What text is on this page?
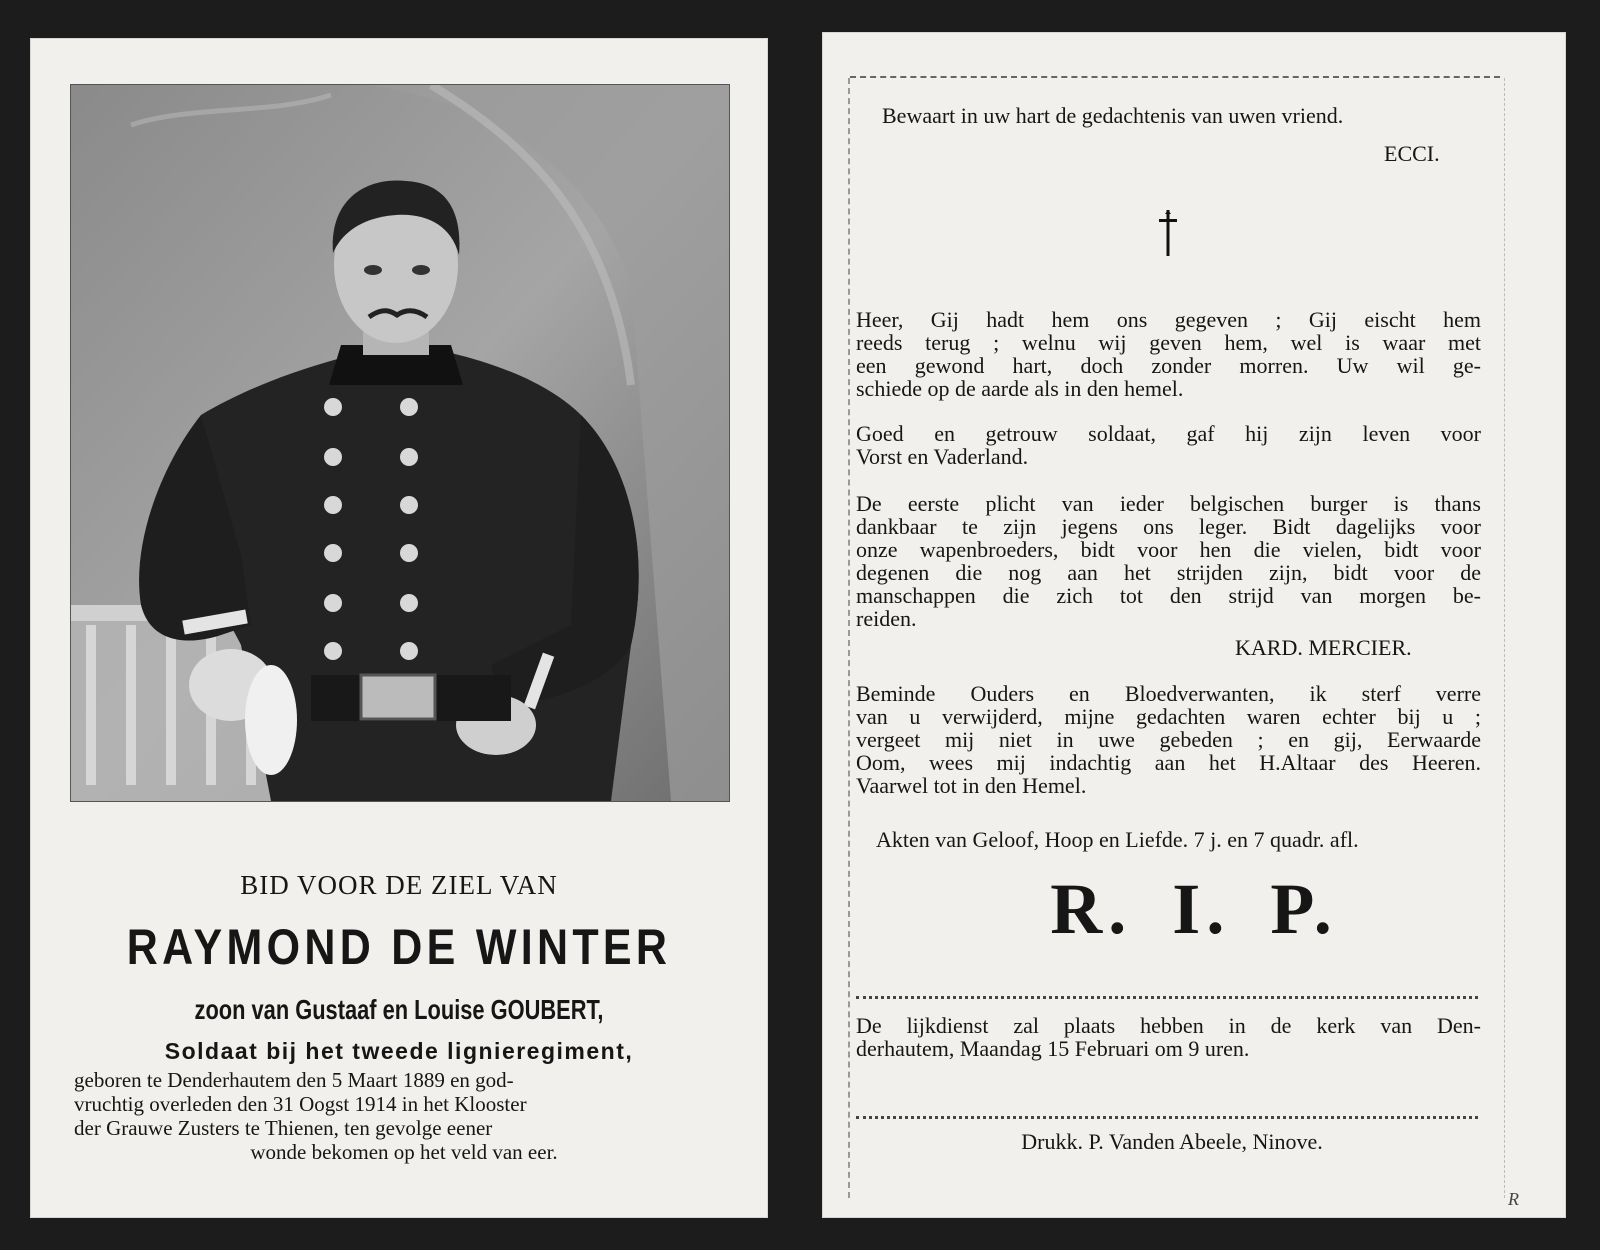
BID VOOR DE ZIEL VAN
RAYMOND DE WINTER
zoon van Gustaaf en Louise GOUBERT,
Soldaat bij het tweede lignieregiment,
geboren te Denderhautem den 5 Maart 1889 en god-
vruchtig overleden den 31 Oogst 1914 in het Klooster
der Grauwe Zusters te Thienen, ten gevolge eener
wonde bekomen op het veld van eer.
Bewaart in uw hart de gedachtenis van uwen vriend.
ECCI.
Heer, Gij hadt hem ons gegeven ; Gij eischt hem
reeds terug ; welnu wij geven hem, wel is waar met
een gewond hart, doch zonder morren. Uw wil ge-
schiede op de aarde als in den hemel.
Goed en getrouw soldaat, gaf hij zijn leven voor
Vorst en Vaderland.
De eerste plicht van ieder belgischen burger is thans
dankbaar te zijn jegens ons leger. Bidt dagelijks voor
onze wapenbroeders, bidt voor hen die vielen, bidt voor
degenen die nog aan het strijden zijn, bidt voor de
manschappen die zich tot den strijd van morgen be-
reiden.
KARD. MERCIER.
Beminde Ouders en Bloedverwanten, ik sterf verre
van u verwijderd, mijne gedachten waren echter bij u ;
vergeet mij niet in uwe gebeden ; en gij, Eerwaarde
Oom, wees mij indachtig aan het H.Altaar des Heeren.
Vaarwel tot in den Hemel.
Akten van Geloof, Hoop en Liefde. 7 j. en 7 quadr. afl.
R. I. P.
De lijkdienst zal plaats hebben in de kerk van Den-
derhautem, Maandag 15 Februari om 9 uren.
Drukk. P. Vanden Abeele, Ninove.
R
